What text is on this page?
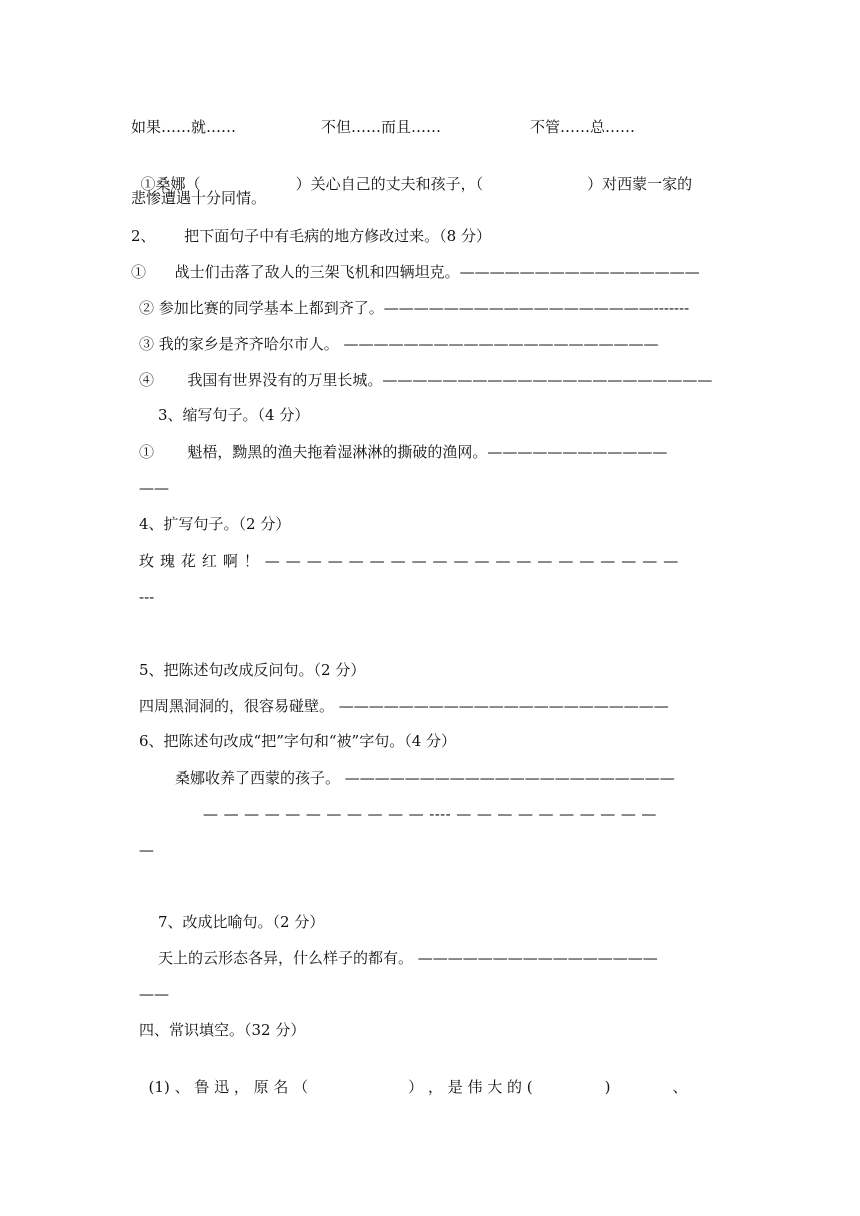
如果……就……	不但……而且……	不管……总……

①桑娜（	）关心自己的丈夫和孩子，（	）对西蒙一家的

悲惨遭遇十分同情。
2、      把下面句子中有毛病的地方修改过来。（8 分）
①      战士们击落了敌人的三架飞机和四辆坦克。————————————————
② 参加比赛的同学基本上都到齐了。——————————————————-------
③ 我的家乡是齐齐哈尔市人。 —————————————————————
④       我国有世界没有的万里长城。——————————————————————
3、缩写句子。（4 分）
①       魁梧，黝黑的渔夫拖着湿淋淋的撕破的渔网。————————————
——
4、扩写句子。（2 分）
玫 瑰 花 红 啊 ！ — — — — — — — — — — — — — — — — — — — —
---
5、把陈述句改成反问句。（2 分）
四周黑洞洞的，很容易碰壁。 ——————————————————————
6、把陈述句改成“把”字句和“被”字句。（4 分）
桑娜收养了西蒙的孩子。 ——————————————————————
— — — — — — — — — — — ---- — — — — — — — — — —
—
7、改成比喻句。（2 分）
天上的云形态各异，什么样子的都有。 ————————————————
——
四、常识填空。（32 分）

(1) 、 鲁 迅 ， 原 名 （	） ， 是 伟 大 的 (	)	、
